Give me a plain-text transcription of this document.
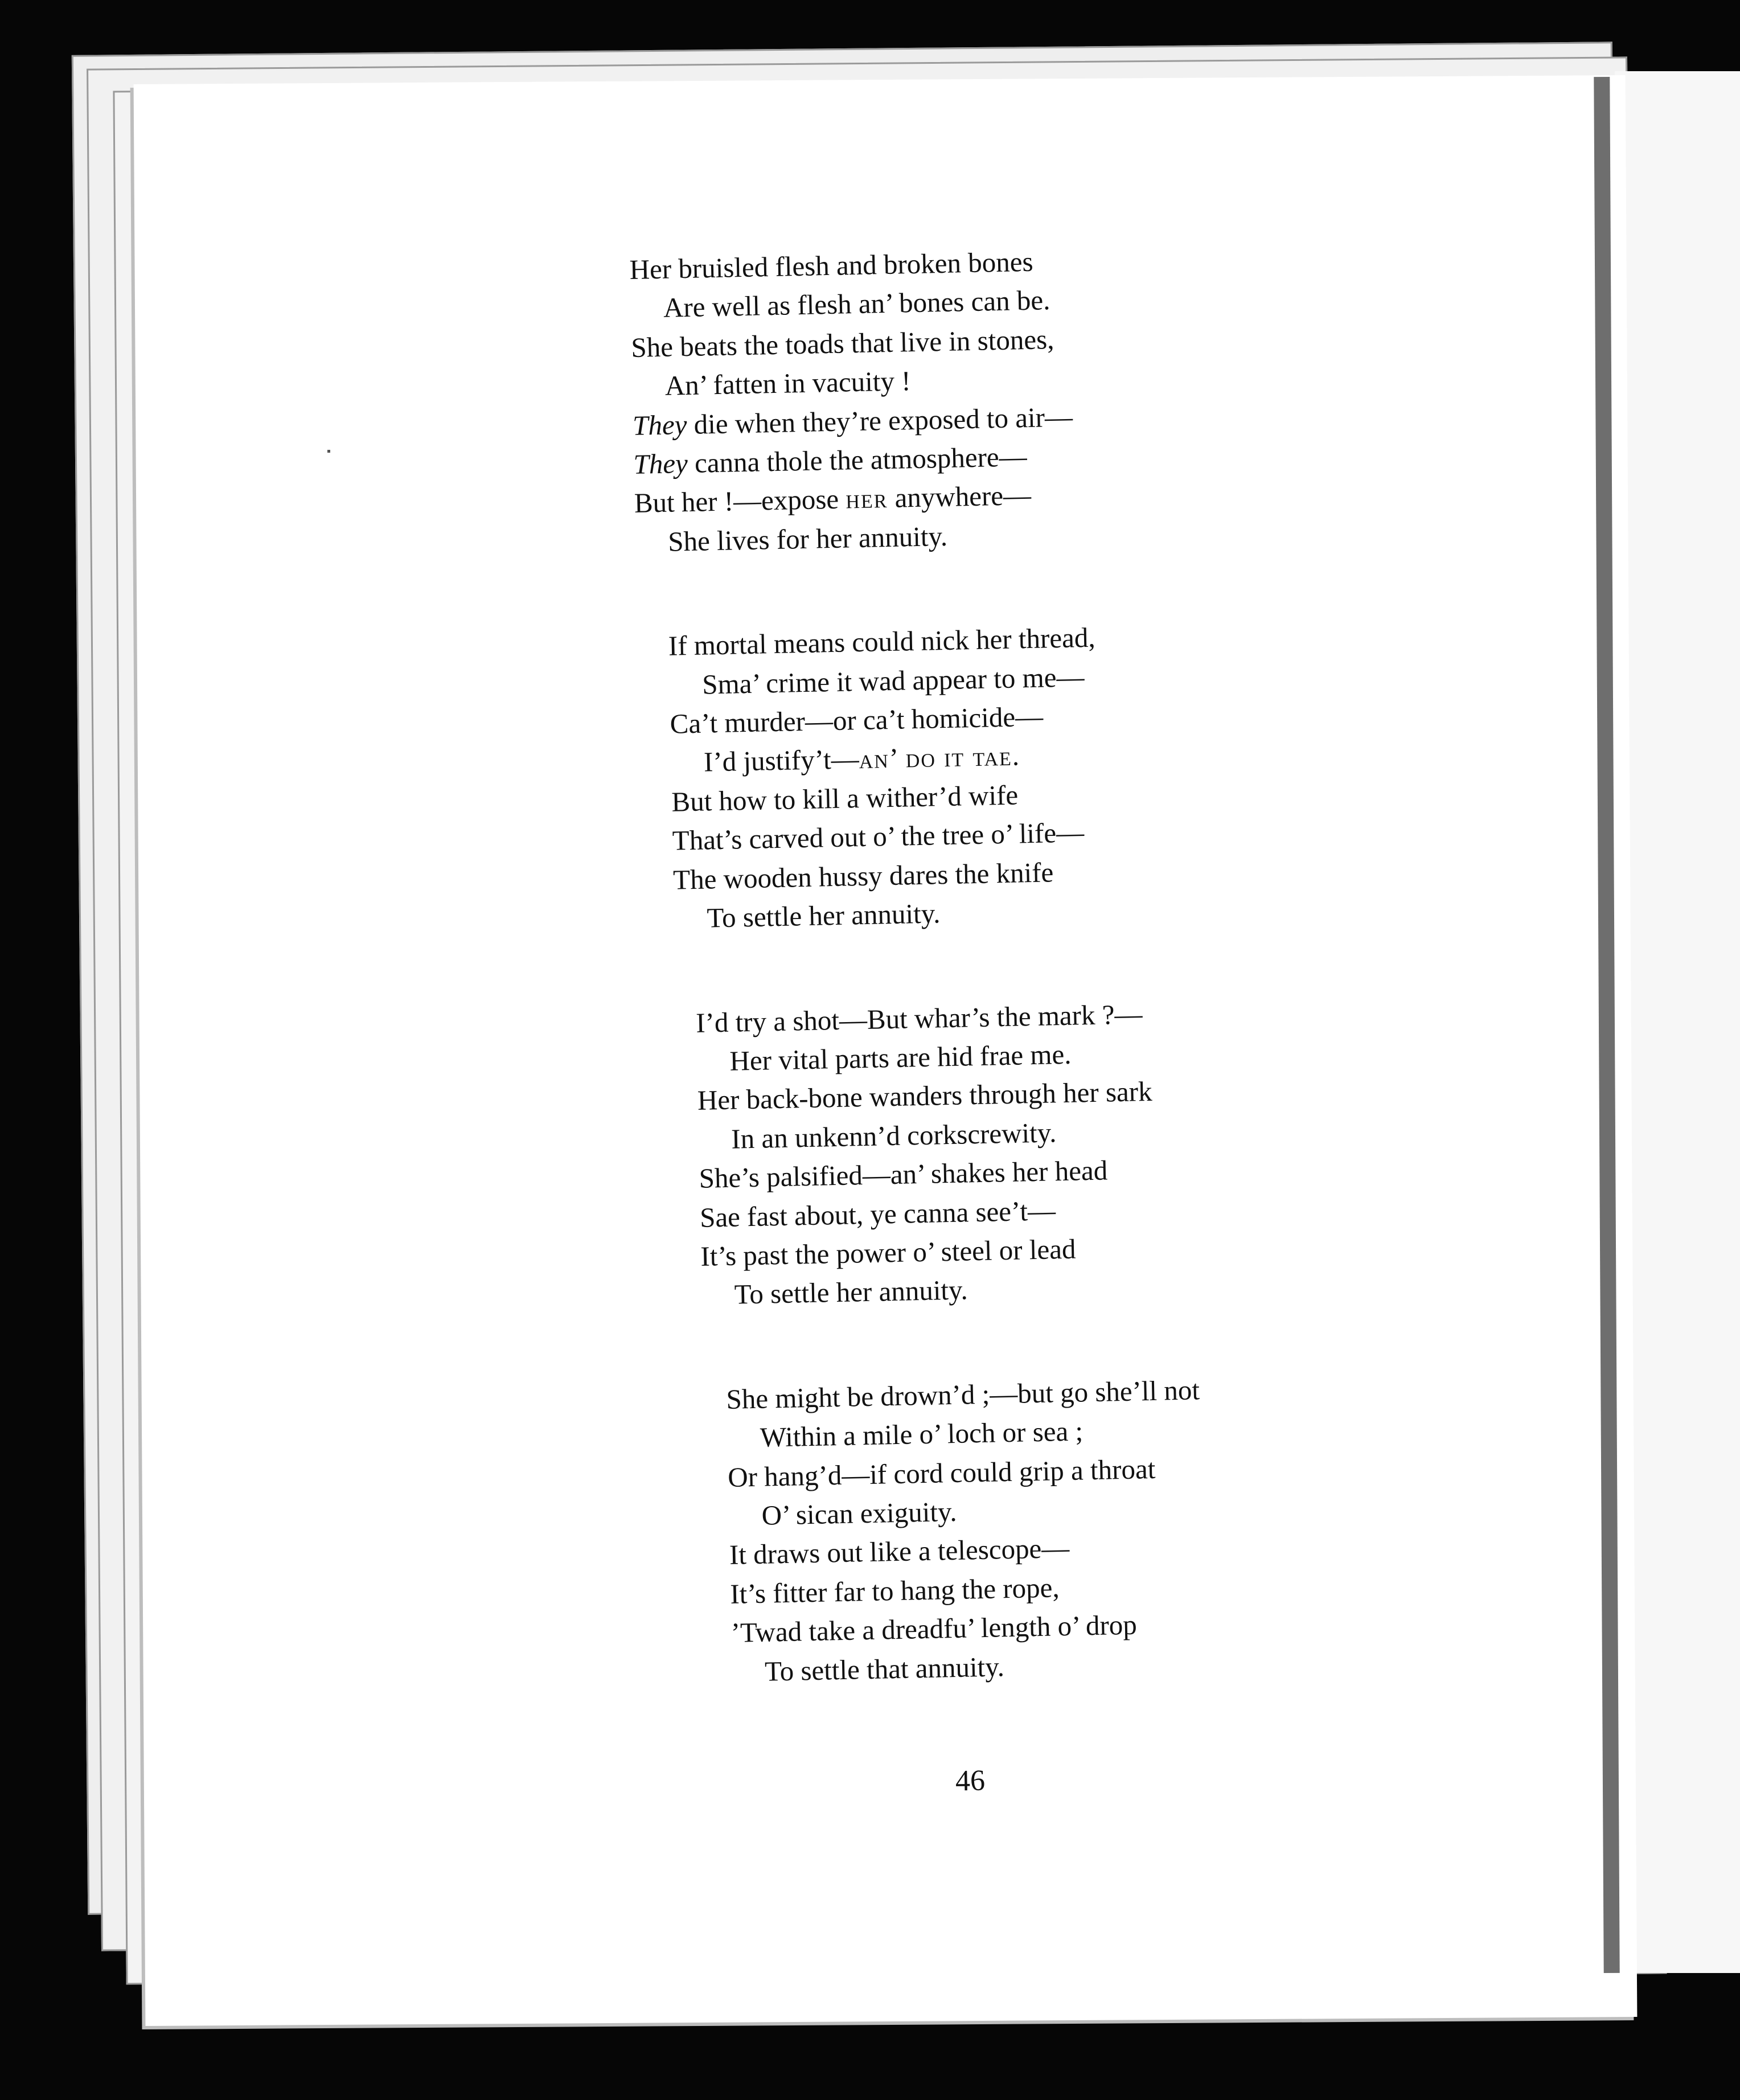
Her bruisled flesh and broken bones
Are well as flesh an’ bones can be.
She beats the toads that live in stones,
An’ fatten in vacuity !
They die when they’re exposed to air—
They canna thole the atmosphere—
But her !—expose her anywhere—
She lives for her annuity.
If mortal means could nick her thread,
Sma’ crime it wad appear to me—
Ca’t murder—or ca’t homicide—
I’d justify’t—an’ do it tae.
But how to kill a wither’d wife
That’s carved out o’ the tree o’ life—
The wooden hussy dares the knife
To settle her annuity.
I’d try a shot—But whar’s the mark ?—
Her vital parts are hid frae me.
Her back-bone wanders through her sark
In an unkenn’d corkscrewity.
She’s palsified—an’ shakes her head
Sae fast about, ye canna see’t—
It’s past the power o’ steel or lead
To settle her annuity.
She might be drown’d ;—but go she’ll not
Within a mile o’ loch or sea ;
Or hang’d—if cord could grip a throat
O’ sican exiguity.
It draws out like a telescope—
It’s fitter far to hang the rope,
’Twad take a dreadfu’ length o’ drop
To settle that annuity.
46
